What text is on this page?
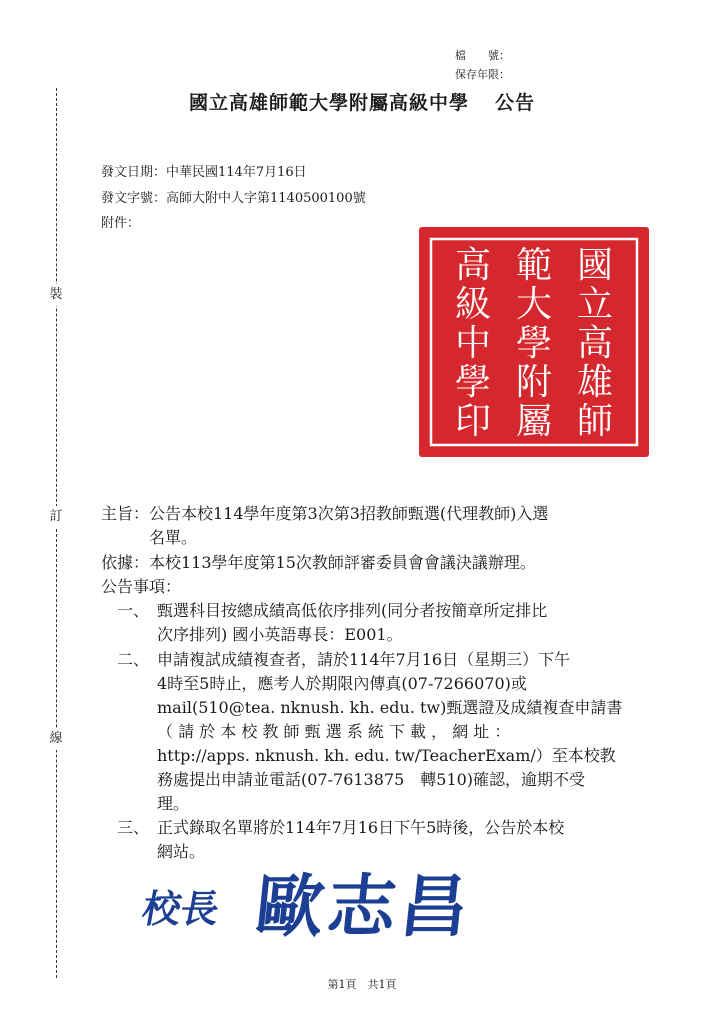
裝
訂
線
檔　　號：
保存年限：
國立高雄師範大學附屬高級中學 公告
發文日期：中華民國114年7月16日
發文字號：高師大附中人字第1140500100號
附件：
國
立
高
雄
師
範
大
學
附
屬
高
級
中
學
印
主旨：公告本校114學年度第3次第3招教師甄選(代理教師)入選
名單。
依據：本校113學年度第15次教師評審委員會會議決議辦理。
公告事項：
一、 甄選科目按總成績高低依序排列(同分者按簡章所定排比
次序排列) 國小英語專長：E001。
二、 申請複試成績複查者，請於114年7月16日（星期三）下午
4時至5時止，應考人於期限內傳真(07-7266070)或
mail(510@tea. nknush. kh. edu. tw)甄選證及成績複查申請書
（ 請 於 本 校 教 師 甄 選 系 統 下 載 ， 網 址 ：
http://apps. nknush. kh. edu. tw/TeacherExam/）至本校教
務處提出申請並電話(07-7613875　轉510)確認，逾期不受
理。
三、 正式錄取名單將於114年7月16日下午5時後，公告於本校
網站。
校長 歐志昌
第1頁　共1頁
